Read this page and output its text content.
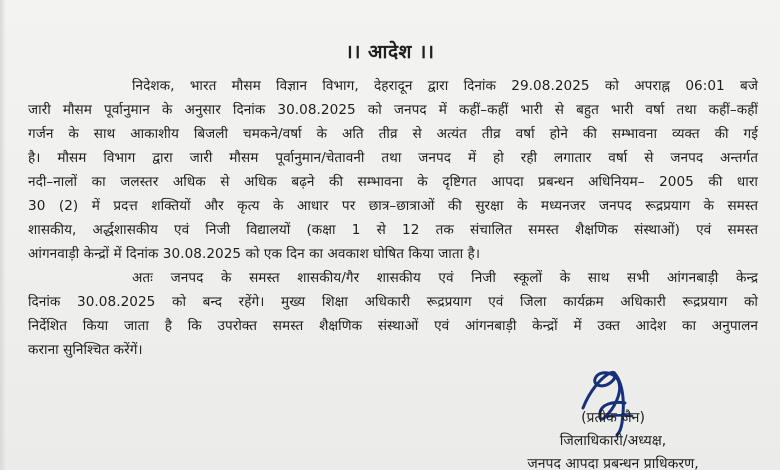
।। आदेश ।।
निदेशक, भारत मौसम विज्ञान विभाग, देहरादून द्वारा दिनांक 29.08.2025 को अपराह्न 06:01 बजे
जारी मौसम पूर्वानुमान के अनुसार दिनांक 30.08.2025 को जनपद में कहीं–कहीं भारी से बहुत भारी वर्षा तथा कहीं–कहीं
गर्जन के साथ आकाशीय बिजली चमकने/वर्षा के अति तीव्र से अत्यंत तीव्र वर्षा होने की सम्भावना व्यक्त की गई
है। मौसम विभाग द्वारा जारी मौसम पूर्वानुमान/चेतावनी तथा जनपद में हो रही लगातार वर्षा से जनपद अन्तर्गत
नदी–नालों का जलस्तर अधिक से अधिक बढ़ने की सम्भावना के दृष्टिगत आपदा प्रबन्धन अधिनियम– 2005 की धारा
30 (2) में प्रदत्त शक्तियों और कृत्य के आधार पर छात्र–छात्राओं की सुरक्षा के मध्यनजर जनपद रूद्रप्रयाग के समस्त
शासकीय, अर्द्धशासकीय एवं निजी विद्यालयों (कक्षा 1 से 12 तक संचालित समस्त शैक्षणिक संस्थाओं) एवं समस्त
आंगनवाड़ी केन्द्रों में दिनांक 30.08.2025 को एक दिन का अवकाश घोषित किया जाता है।
अतः जनपद के समस्त शासकीय/गैर शासकीय एवं निजी स्कूलों के साथ सभी आंगनबाड़ी केन्द्र
दिनांक 30.08.2025 को बन्द रहेंगे। मुख्य शिक्षा अधिकारी रूद्रप्रयाग एवं जिला कार्यक्रम अधिकारी रूद्रप्रयाग को
निर्देशित किया जाता है कि उपरोक्त समस्त शैक्षणिक संस्थाओं एवं आंगनबाड़ी केन्द्रों में उक्त आदेश का अनुपालन
कराना सुनिश्चित करेंगें।
(प्रतीक जैन)
जिलाधिकारी/अध्यक्ष,
जनपद आपदा प्रबन्धन प्राधिकरण,
